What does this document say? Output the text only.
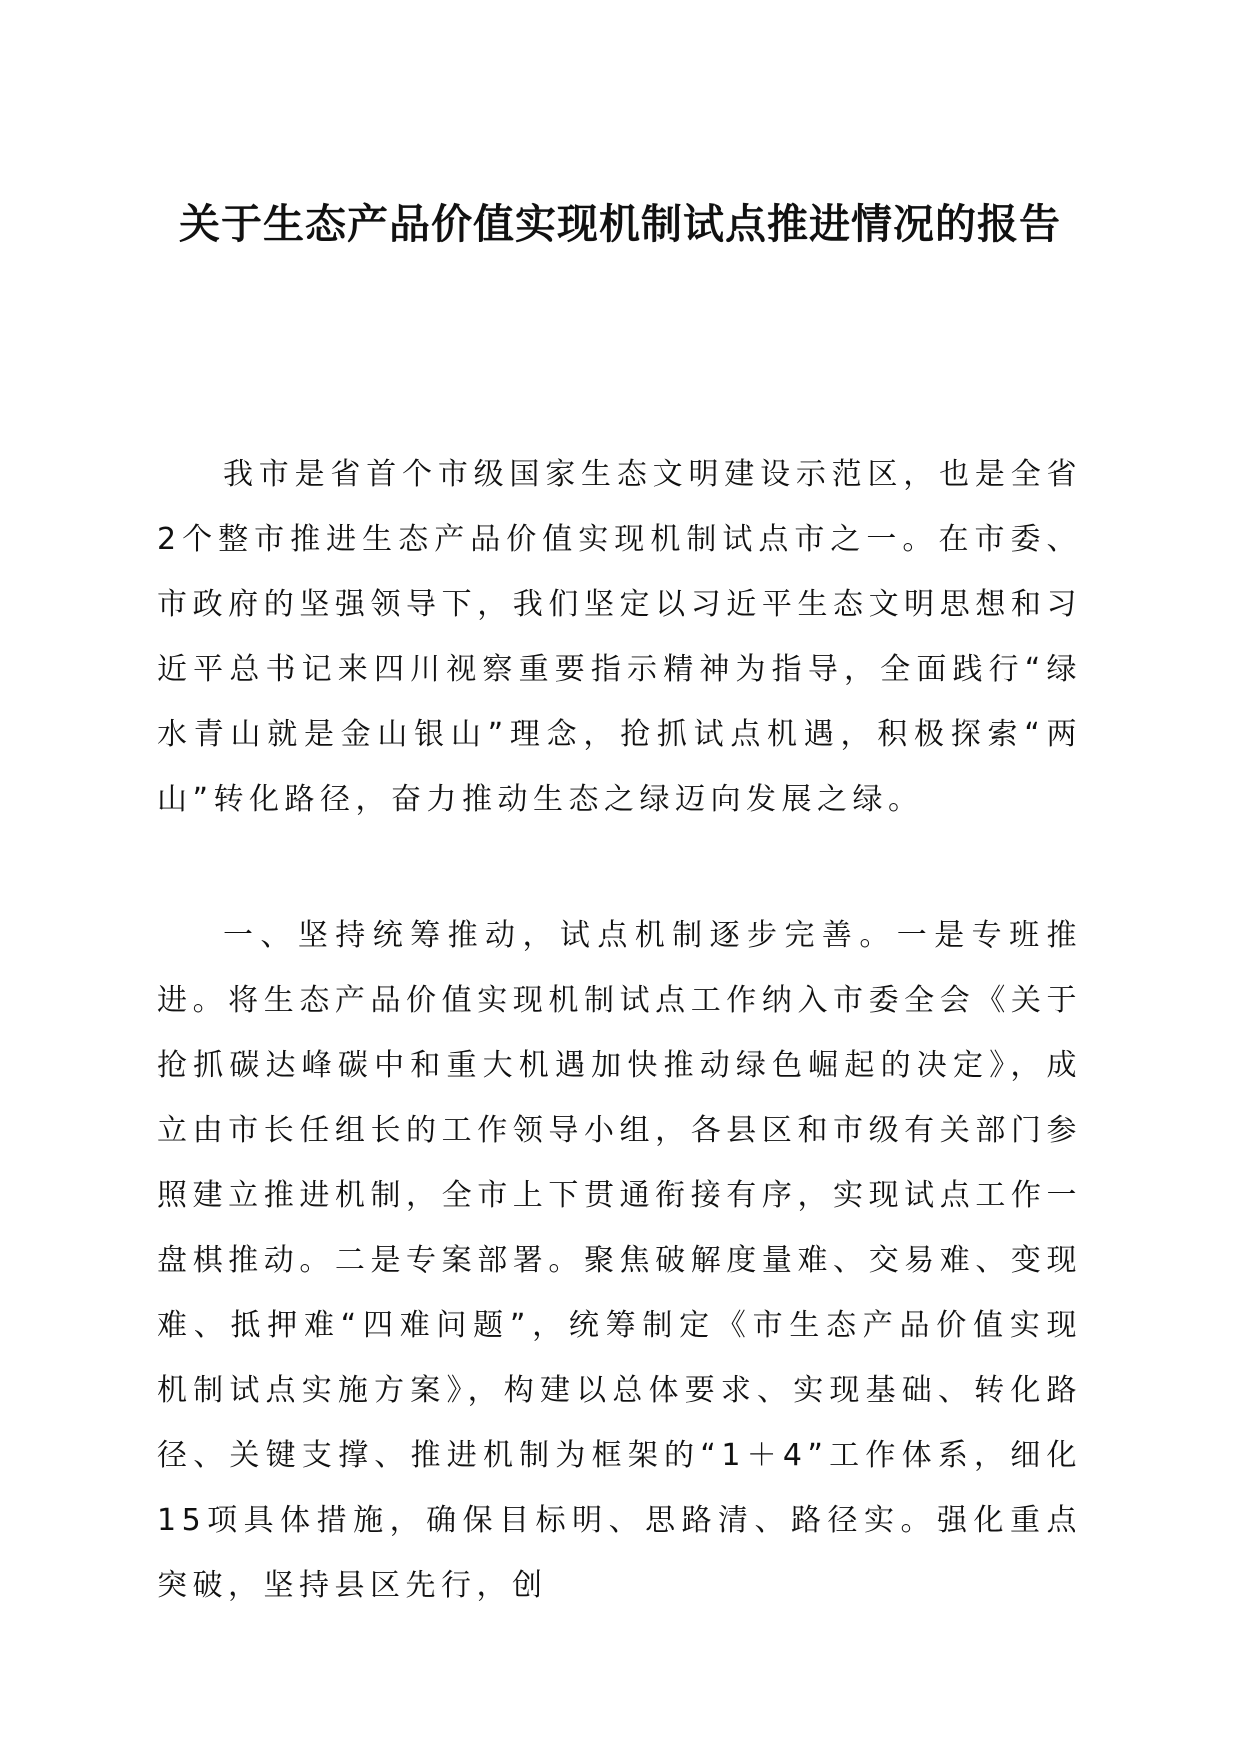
关于生态产品价值实现机制试点推进情况的报告

我市是省首个市级国家生态文明建设示范区，也是全省2个整市推进生态产品价值实现机制试点市之一。在市委、市政府的坚强领导下，我们坚定以习近平生态文明思想和习近平总书记来四川视察重要指示精神为指导，全面践行“绿水青山就是金山银山”理念，抢抓试点机遇，积极探索“两山”转化路径，奋力推动生态之绿迈向发展之绿。

一、坚持统筹推动，试点机制逐步完善。一是专班推进。将生态产品价值实现机制试点工作纳入市委全会《关于抢抓碳达峰碳中和重大机遇加快推动绿色崛起的决定》，成立由市长任组长的工作领导小组，各县区和市级有关部门参照建立推进机制，全市上下贯通衔接有序，实现试点工作一盘棋推动。二是专案部署。聚焦破解度量难、交易难、变现难、抵押难“四难问题”，统筹制定《市生态产品价值实现机制试点实施方案》，构建以总体要求、实现基础、转化路径、关键支撑、推进机制为框架的“1＋4”工作体系，细化15项具体措施，确保目标明、思路清、路径实。强化重点突破，坚持县区先行，创
